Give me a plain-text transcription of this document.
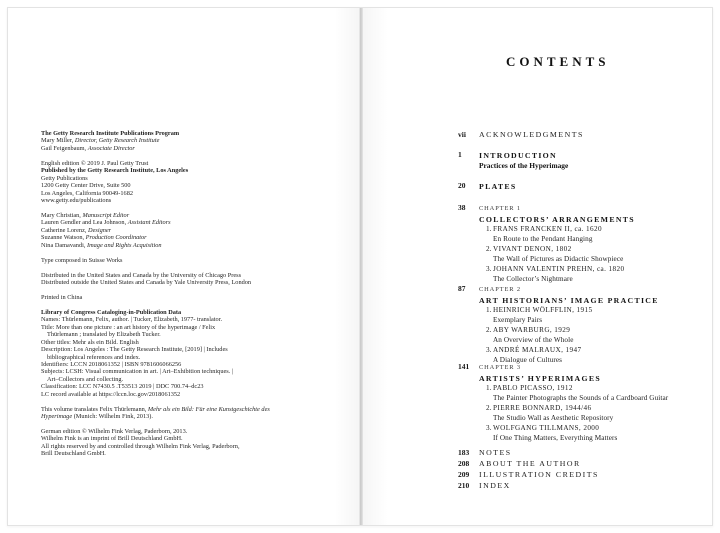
The Getty Research Institute Publications Program
Mary Miller, Director, Getty Research Institute
Gail Feigenbaum, Associate Director
English edition © 2019 J. Paul Getty Trust
Published by the Getty Research Institute, Los Angeles
Getty Publications
1200 Getty Center Drive, Suite 500
Los Angeles, California 90049-1682
www.getty.edu/publications
Mary Christian, Manuscript Editor
Lauren Gendler and Lea Johnson, Assistant Editors
Catherine Lorenz, Designer
Suzanne Watson, Production Coordinator
Nina Damavandi, Image and Rights Acquisition
Type composed in Suisse Works
Distributed in the United States and Canada by the University of Chicago Press
Distributed outside the United States and Canada by Yale University Press, London
Printed in China
Library of Congress Cataloging-in-Publication Data
Names: Thürlemann, Felix, author. | Tucker, Elizabeth, 1977- translator.
Title: More than one picture : an art history of the hyperimage / Felix
Thürlemann ; translated by Elizabeth Tucker.
Other titles: Mehr als ein Bild. English
Description: Los Angeles : The Getty Research Institute, [2019] | Includes
bibliographical references and index.
Identifiers: LCCN 2018061352 | ISBN 9781606066256
Subjects: LCSH: Visual communication in art. | Art–Exhibition techniques. |
Art–Collectors and collecting.
Classification: LCC N7430.5 .T53513 2019 | DDC 700.74–dc23
LC record available at https://lccn.loc.gov/2018061352
This volume translates Felix Thürlemann, Mehr als ein Bild: Für eine Kunstgeschichte des
Hyperimage (Munich: Wilhelm Fink, 2013).
German edition © Wilhelm Fink Verlag, Paderborn, 2013.
Wilhelm Fink is an imprint of Brill Deutschland GmbH.
All rights reserved by and controlled through Wilhelm Fink Verlag, Paderborn,
Brill Deutschland GmbH.
CONTENTS
vii	ACKNOWLEDGMENTS
1	INTRODUCTION
Practices of the Hyperimage
20	PLATES
38	CHAPTER 1
COLLECTORS’ ARRANGEMENTS
1. FRANS FRANCKEN II, ca. 1620
En Route to the Pendant Hanging
2. VIVANT DENON, 1802
The Wall of Pictures as Didactic Showpiece
3. JOHANN VALENTIN PREHN, ca. 1820
The Collector’s Nightmare
87	CHAPTER 2
ART HISTORIANS’ IMAGE PRACTICE
1. HEINRICH WÖLFFLIN, 1915
Exemplary Pairs
2. ABY WARBURG, 1929
An Overview of the Whole
3. ANDRÉ MALRAUX, 1947
A Dialogue of Cultures
141	CHAPTER 3
ARTISTS’ HYPERIMAGES
1. PABLO PICASSO, 1912
The Painter Photographs the Sounds of a Cardboard Guitar
2. PIERRE BONNARD, 1944/46
The Studio Wall as Aesthetic Repository
3. WOLFGANG TILLMANS, 2000
If One Thing Matters, Everything Matters
183	NOTES
208	ABOUT THE AUTHOR
209	ILLUSTRATION CREDITS
210	INDEX
